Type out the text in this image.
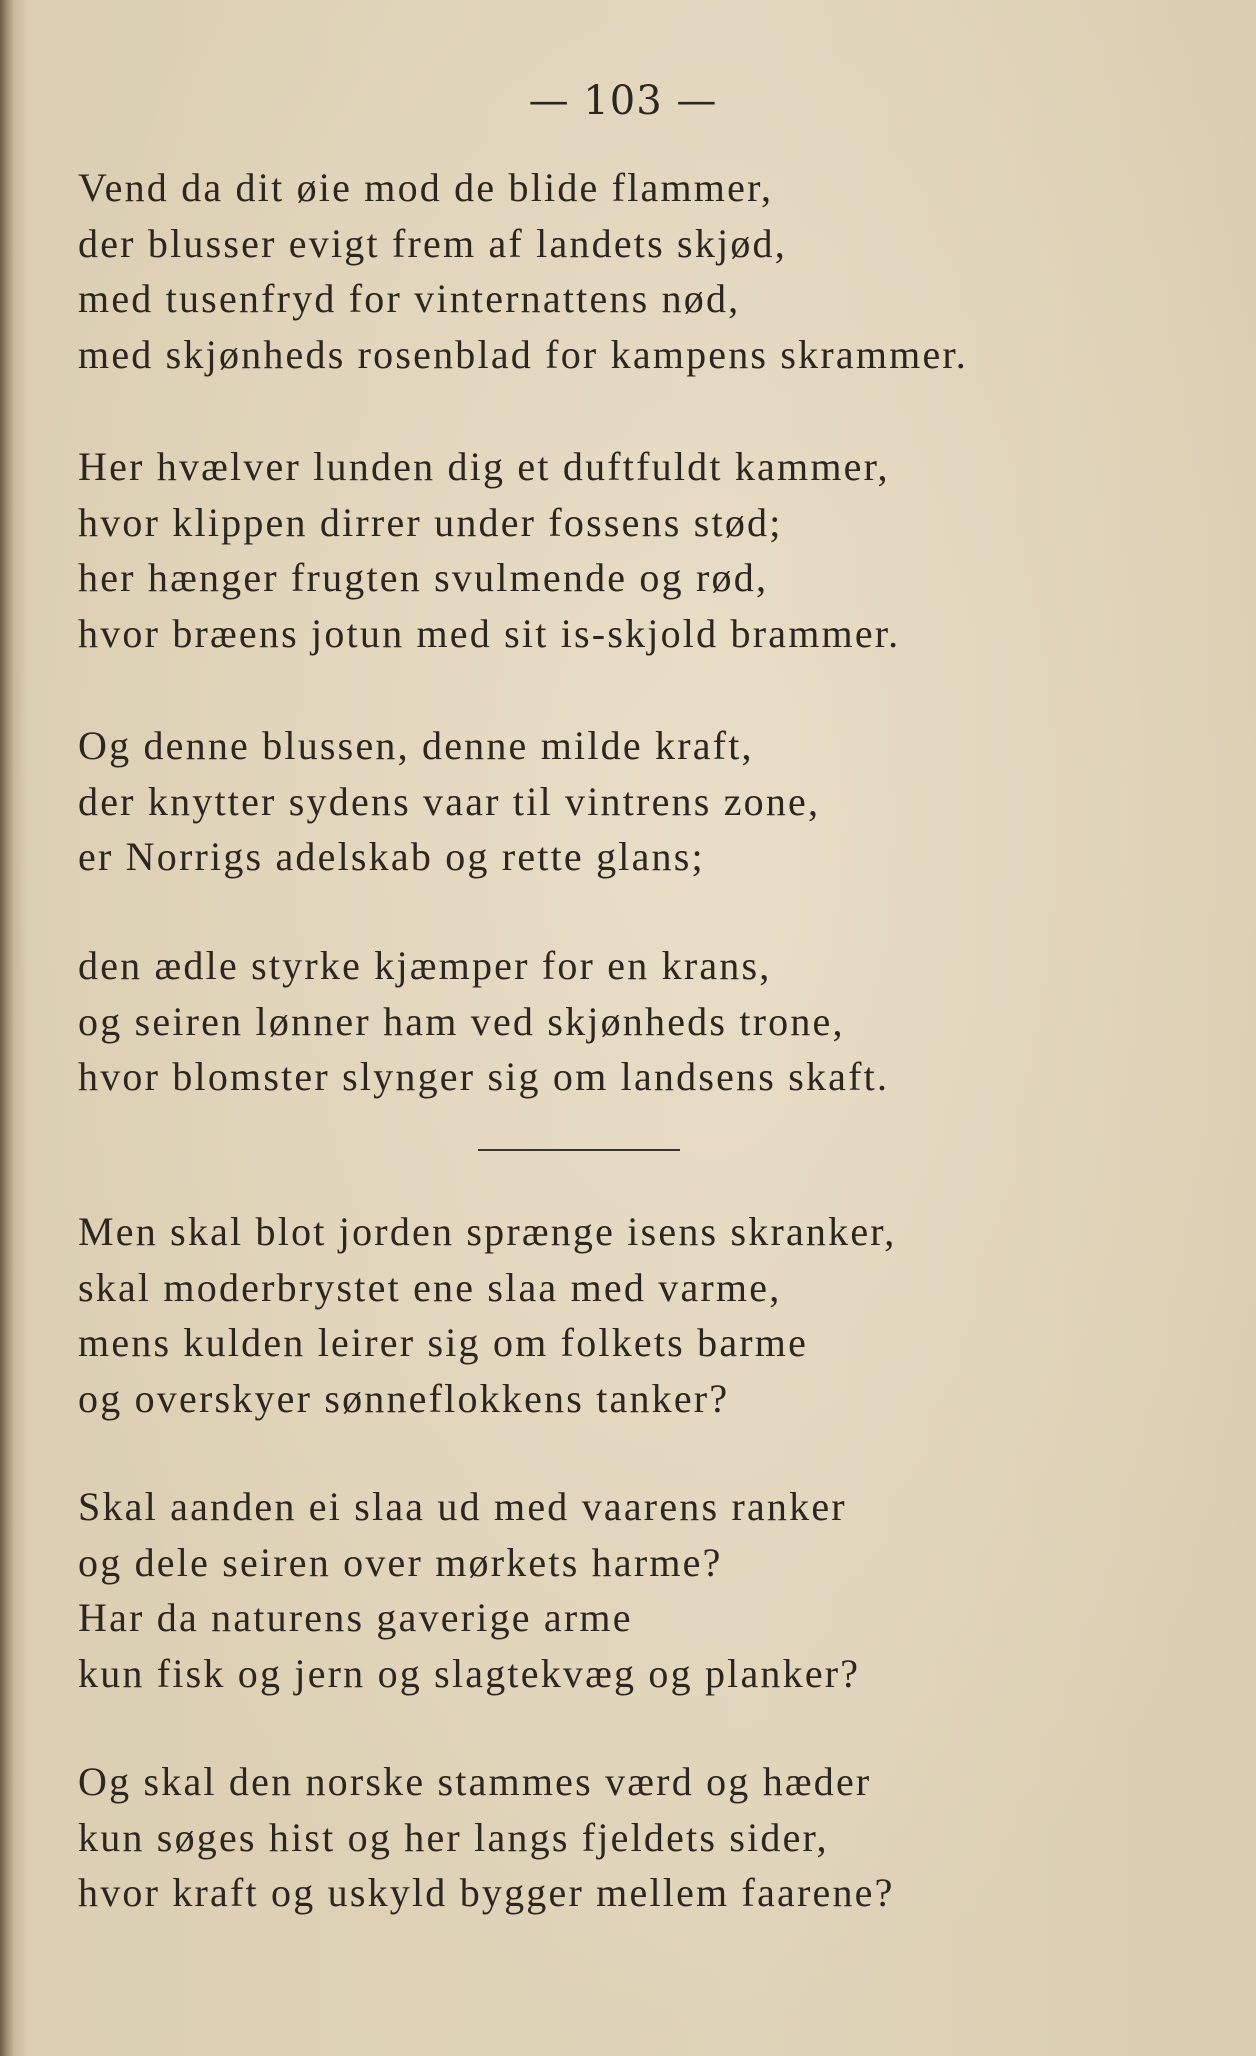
— 103 —
Vend da dit øie mod de blide flammer,
der blusser evigt frem af landets skjød,
med tusenfryd for vinternattens nød,
med skjønheds rosenblad for kampens skrammer.
Her hvælver lunden dig et duftfuldt kammer,
hvor klippen dirrer under fossens stød;
her hænger frugten svulmende og rød,
hvor bræens jotun med sit is-skjold brammer.
Og denne blussen, denne milde kraft,
der knytter sydens vaar til vintrens zone,
er Norrigs adelskab og rette glans;
den ædle styrke kjæmper for en krans,
og seiren lønner ham ved skjønheds trone,
hvor blomster slynger sig om landsens skaft.
Men skal blot jorden sprænge isens skranker,
skal moderbrystet ene slaa med varme,
mens kulden leirer sig om folkets barme
og overskyer sønneflokkens tanker?
Skal aanden ei slaa ud med vaarens ranker
og dele seiren over mørkets harme?
Har da naturens gaverige arme
kun fisk og jern og slagtekvæg og planker?
Og skal den norske stammes værd og hæder
kun søges hist og her langs fjeldets sider,
hvor kraft og uskyld bygger mellem faarene?
